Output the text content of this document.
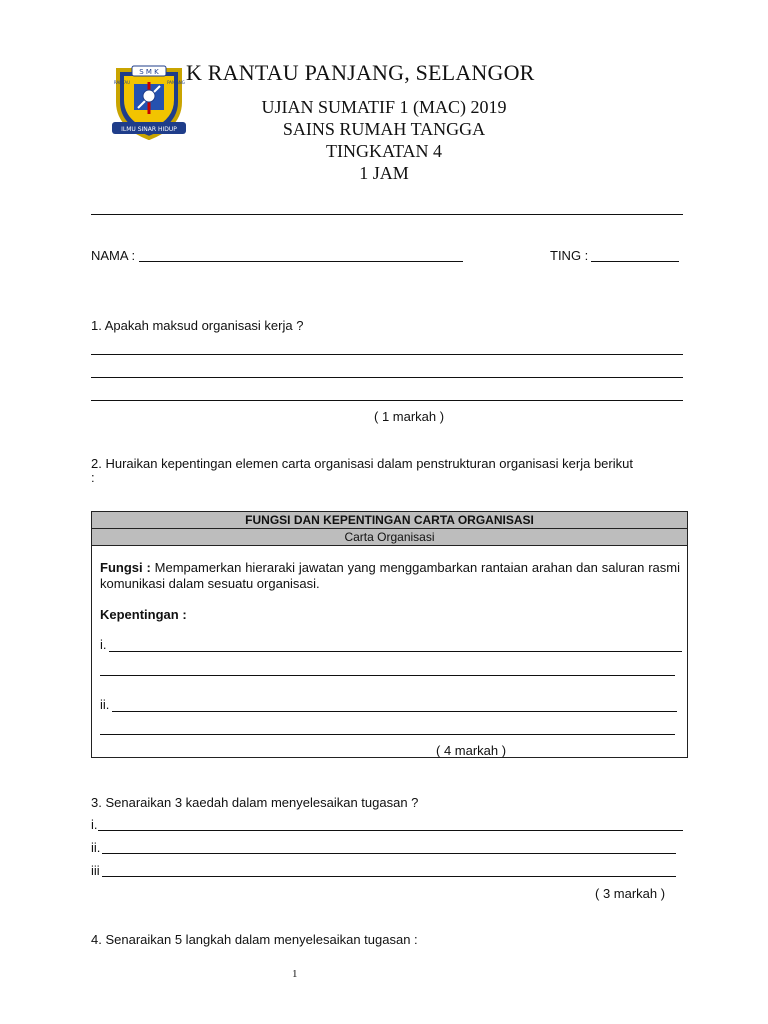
S M K
RANTAU	PANJANG
ILMU SINAR HIDUP
K RANTAU PANJANG, SELANGOR
UJIAN SUMATIF 1 (MAC) 2019
SAINS RUMAH TANGGA
TINGKATAN 4
1 JAM
NAMA :	TING :
1. Apakah maksud organisasi kerja ?
( 1 markah )
2. Huraikan kepentingan elemen carta organisasi dalam penstrukturan organisasi kerja berikut
:
FUNGSI DAN KEPENTINGAN CARTA ORGANISASI
Carta Organisasi
Fungsi : Mempamerkan hieraraki jawatan yang menggambarkan rantaian arahan dan saluran rasmi komunikasi dalam sesuatu organisasi.
Kepentingan :
i.
ii.
( 4 markah )
3. Senaraikan 3 kaedah dalam menyelesaikan tugasan ?
i.
ii.
iii
( 3 markah )
4. Senaraikan 5 langkah dalam menyelesaikan tugasan :
1
